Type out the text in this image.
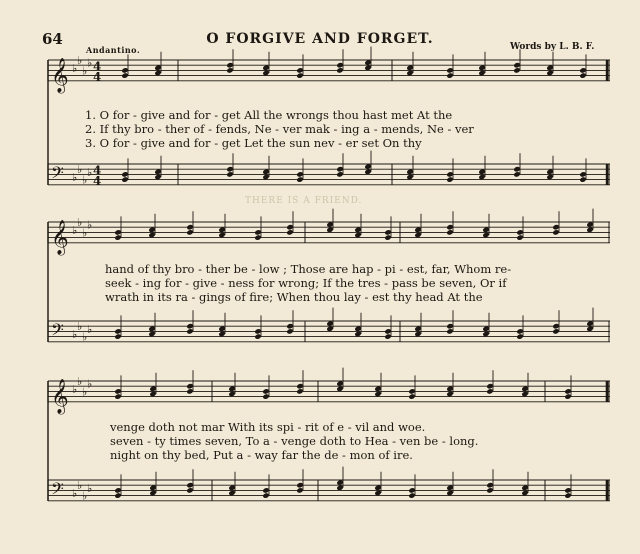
64	O FORGIVE AND FORGET.
Andantino.	Words by L. B. F.
THERE IS A FRIEND.
𝄞 ♭
♭
♭
♭ 4
4
𝄢 ♭
♭
♭
♭ 4
4
𝄞 ♭
♭
♭
♭
𝄢 ♭
♭
♭
♭
𝄞 ♭
♭
♭
♭
𝄢 ♭
♭
♭
♭
1. O for - give and for - get All the wrongs thou hast met At the
2. If thy bro - ther of - fends, Ne - ver mak - ing a - mends, Ne - ver
3. O for - give and for - get Let the sun nev - er set On thy
hand of thy bro - ther be - low ; Those are hap - pi - est, far, Whom re-
seek - ing for - give - ness for wrong; If the tres - pass be seven, Or if
wrath in its ra - gings of fire; When thou lay - est thy head At the
venge doth not mar With its spi - rit of e - vil and woe.
seven - ty times seven, To a - venge doth to Hea - ven be - long.
night on thy bed, Put a - way far the de - mon of ire.
